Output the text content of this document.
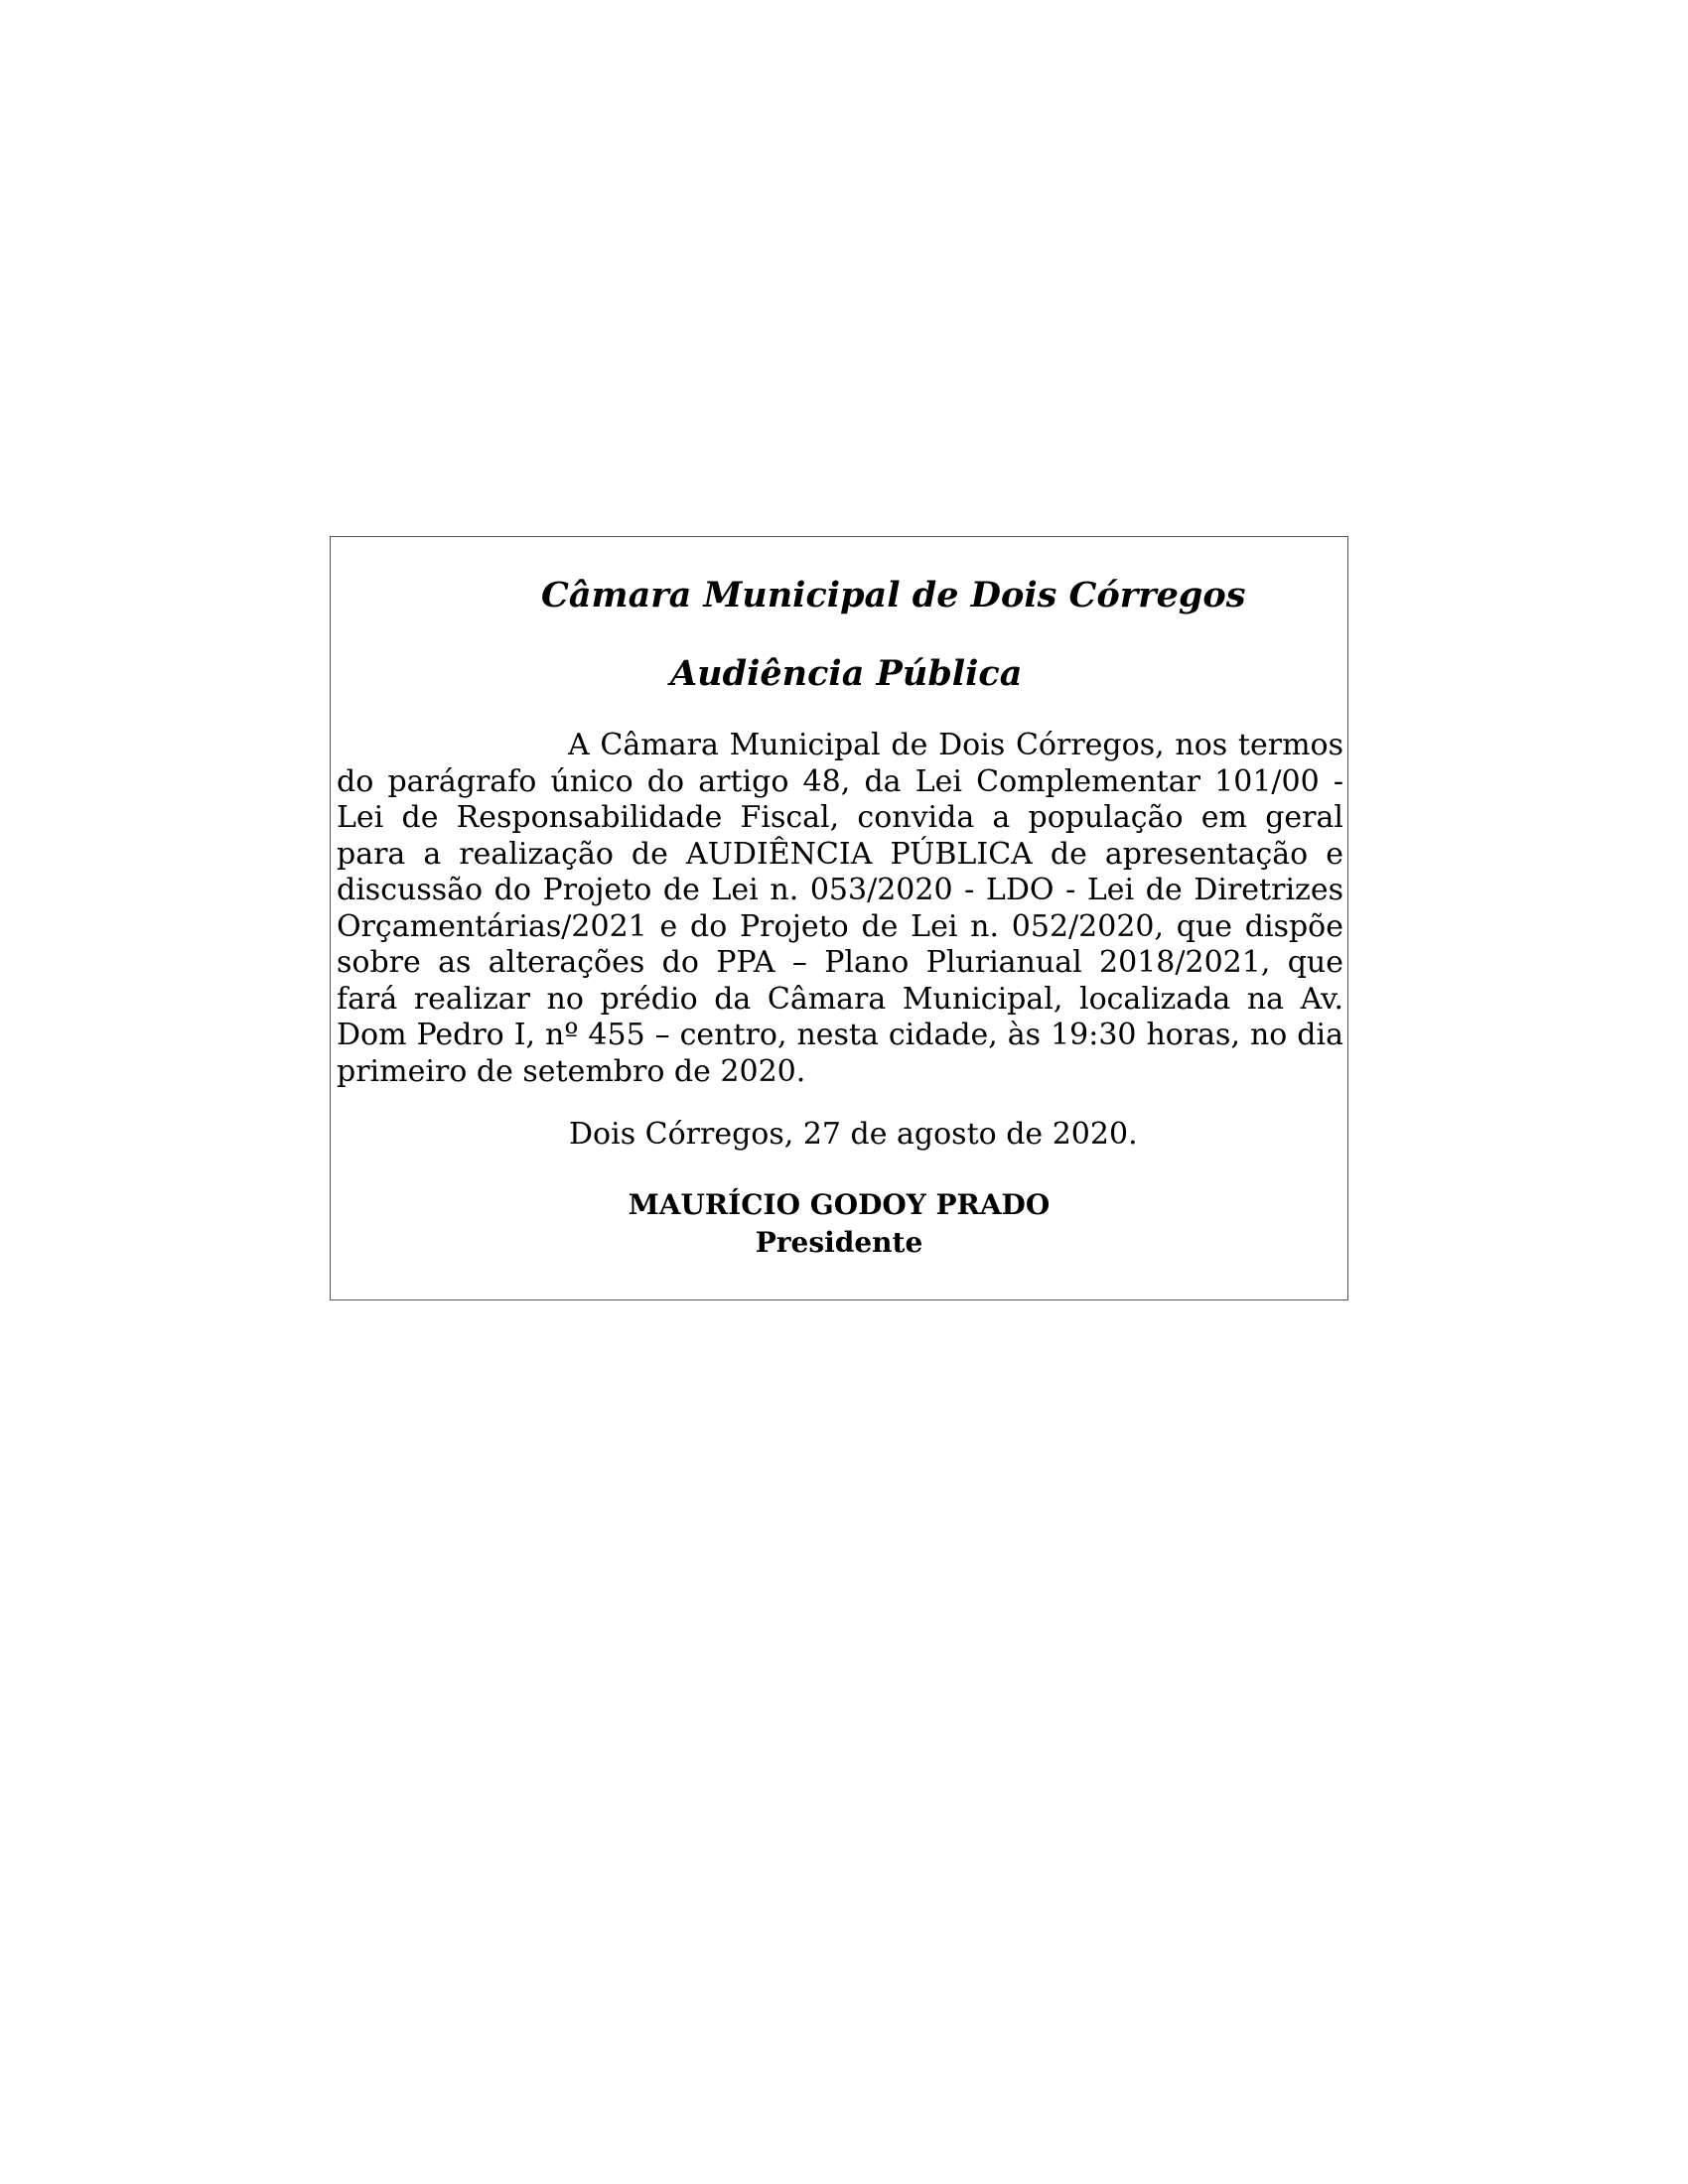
Câmara Municipal de Dois Córregos
Audiência Pública

A Câmara Municipal de Dois Córregos, nos termos do parágrafo único do artigo 48, da Lei Complementar 101/00 - Lei de Responsabilidade Fiscal, convida a população em geral para a realização de AUDIÊNCIA PÚBLICA de apresentação e discussão do Projeto de Lei n. 053/2020 - LDO - Lei de Diretrizes Orçamentárias/2021 e do Projeto de Lei n. 052/2020, que dispõe sobre as alterações do PPA – Plano Plurianual 2018/2021, que fará realizar no prédio da Câmara Municipal, localizada na Av. Dom Pedro I, nº 455 – centro, nesta cidade, às 19:30 horas, no dia primeiro de setembro de 2020.

Dois Córregos, 27 de agosto de 2020.

MAURÍCIO GODOY PRADO

Presidente
